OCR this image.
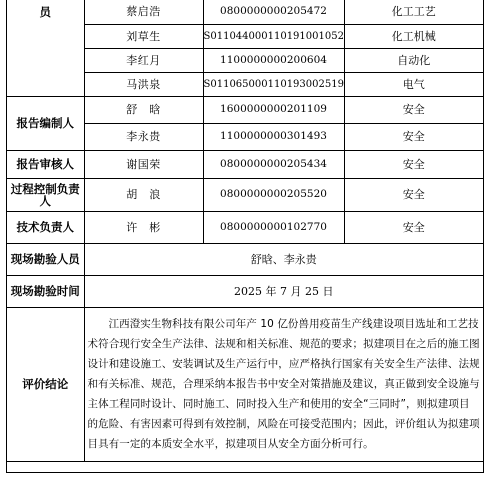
员	蔡启浩	0800000000205472	化工工艺
	刘草生	S011044000110191001052	化工机械
	李红月	1100000000200604	自动化
	马洪泉	S011065000110193002519	电气
报告编制人	舒　晗	1600000000201109	安全
	李永贵	1100000000301493	安全
报告审核人	谢国荣	0800000000205434	安全
过程控制负责人	胡　浪	0800000000205520	安全
技术负责人	许　彬	0800000000102770	安全
现场勘验人员	舒晗、李永贵		
现场勘验时间	2025 年 7 月 25 日		
评价结论	江西澄实生物科技有限公司年产 10 亿份兽用疫苗生产线建设项目选址和工艺技术符合现行安全生产法律、法规和相关标准、规范的要求；拟建项目在之后的施工图设计和建设施工、安装调试及生产运行中，应严格执行国家有关安全生产法律、法规和有关标准、规范，合理采纳本报告书中安全对策措施及建议，真正做到安全设施与主体工程同时设计、同时施工、同时投入生产和使用的安全“三同时”，则拟建项目的危险、有害因素可得到有效控制，风险在可接受范围内；因此，评价组认为拟建项目具有一定的本质安全水平，拟建项目从安全方面分析可行。		
